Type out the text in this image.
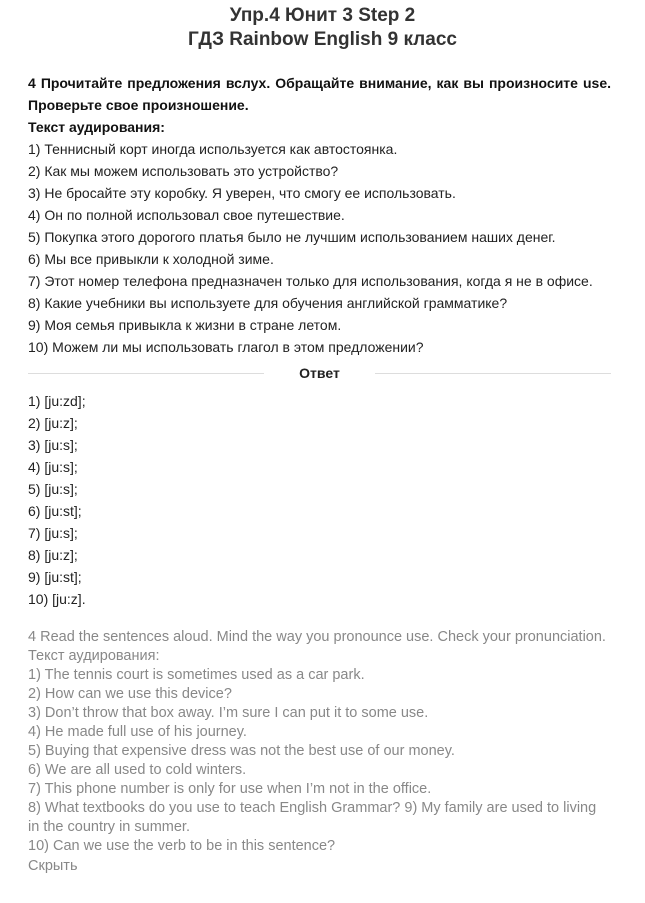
Упр.4 Юнит 3 Step 2
ГДЗ Rainbow English 9 класс
4 Прочитайте предложения вслух. Обращайте внимание, как вы произносите use. Проверьте свое произношение.
Текст аудирования:
1) Теннисный корт иногда используется как автостоянка.
2) Как мы можем использовать это устройство?
3) Не бросайте эту коробку. Я уверен, что смогу ее использовать.
4) Он по полной использовал свое путешествие.
5) Покупка этого дорогого платья было не лучшим использованием наших денег.
6) Мы все привыкли к холодной зиме.
7) Этот номер телефона предназначен только для использования, когда я не в офисе.
8) Какие учебники вы используете для обучения английской грамматике?
9) Моя семья привыкла к жизни в стране летом.
10) Можем ли мы использовать глагол в этом предложении?
Ответ
1) [ju:zd];
2) [ju:z];
3) [ju:s];
4) [ju:s];
5) [ju:s];
6) [ju:st];
7) [ju:s];
8) [ju:z];
9) [ju:st];
10) [ju:z].
4 Read the sentences aloud. Mind the way you pronounce use. Check your pronunciation.
Текст аудирования:
1) The tennis court is sometimes used as a car park.
2) How can we use this device?
3) Don’t throw that box away. I’m sure I can put it to some use.
4) He made full use of his journey.
5) Buying that expensive dress was not the best use of our money.
6) We are all used to cold winters.
7) This phone number is only for use when I’m not in the office.
8) What textbooks do you use to teach English Grammar? 9) My family are used to living in the country in summer.
10) Can we use the verb to be in this sentence?
Скрыть
